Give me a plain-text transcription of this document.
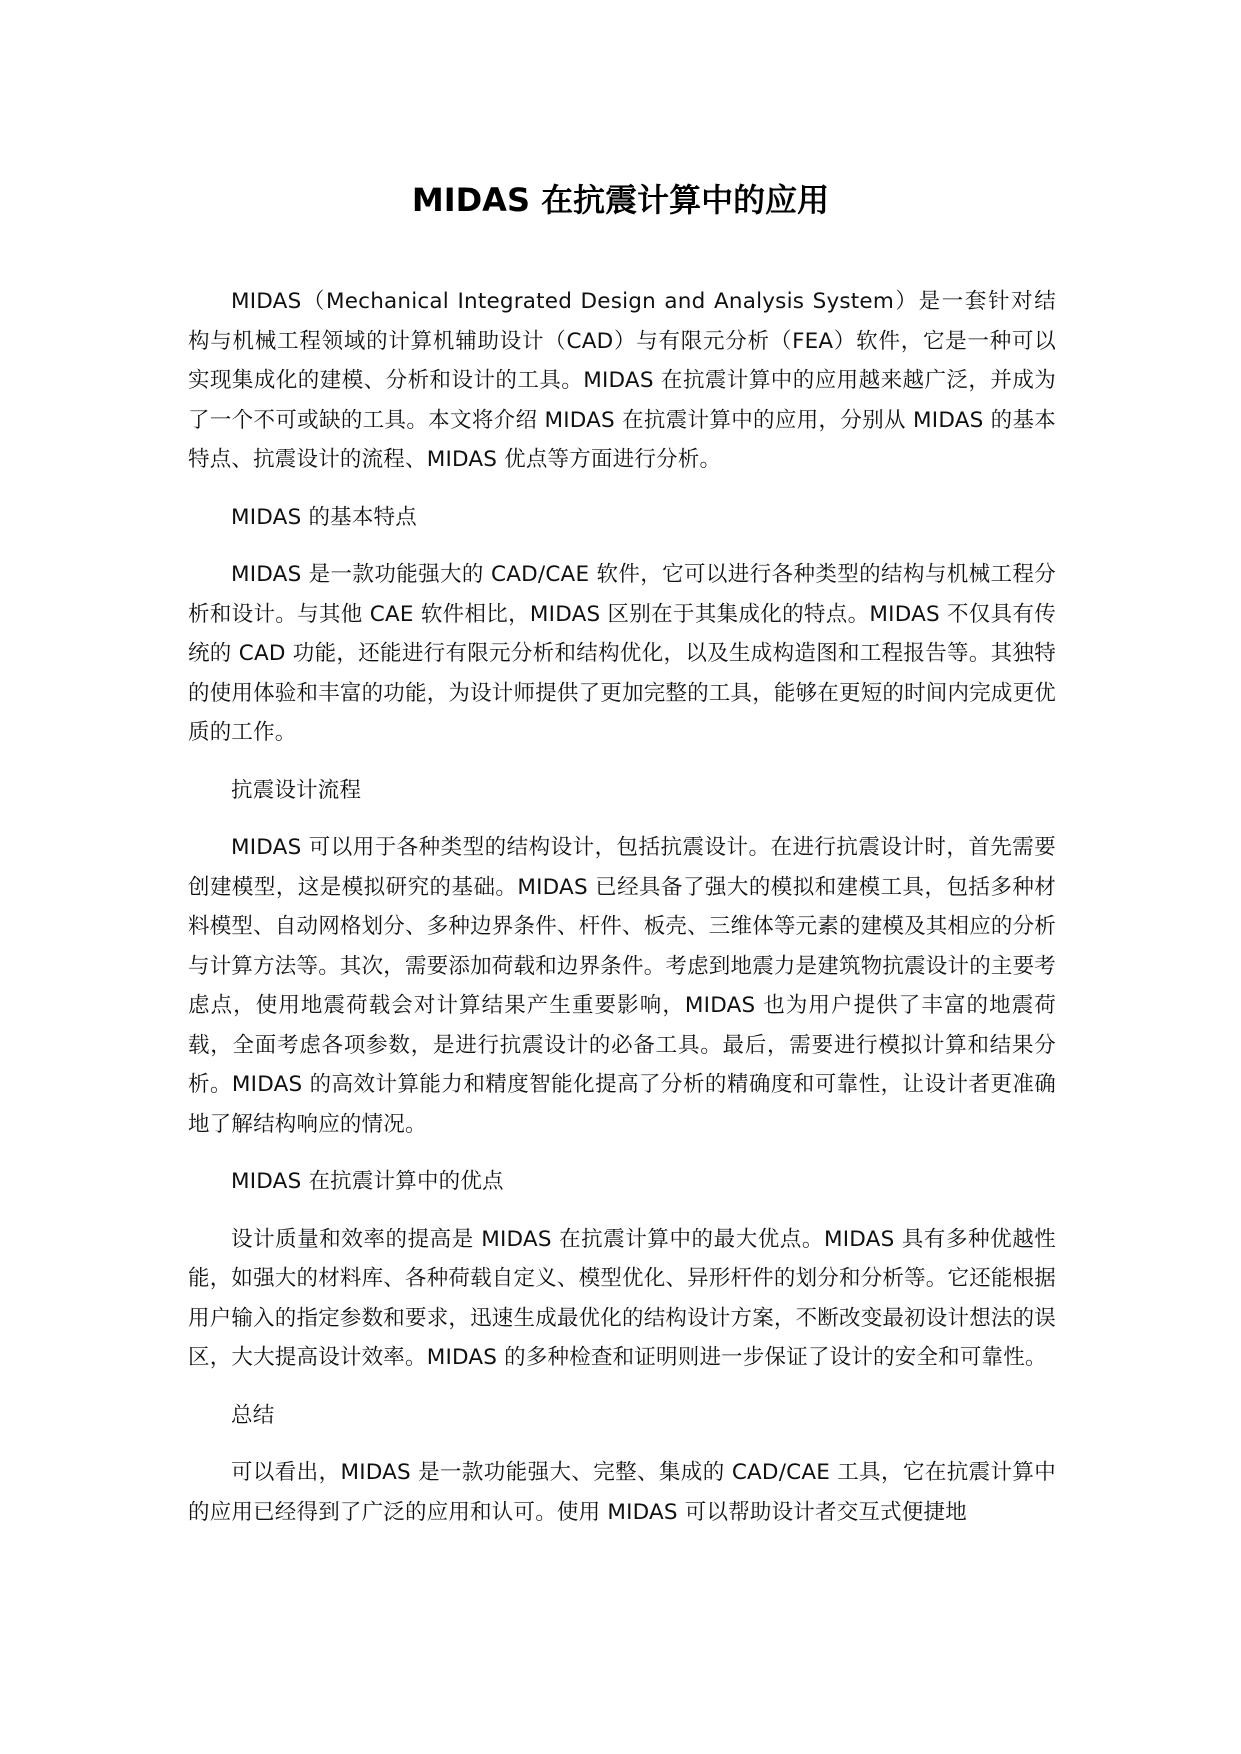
MIDAS 在抗震计算中的应用

MIDAS（Mechanical Integrated Design and Analysis System）是一套针对结构与机械工程领域的计算机辅助设计（CAD）与有限元分析（FEA）软件，它是一种可以实现集成化的建模、分析和设计的工具。MIDAS 在抗震计算中的应用越来越广泛，并成为了一个不可或缺的工具。本文将介绍 MIDAS 在抗震计算中的应用，分别从 MIDAS 的基本特点、抗震设计的流程、MIDAS 优点等方面进行分析。

MIDAS 的基本特点

MIDAS 是一款功能强大的 CAD/CAE 软件，它可以进行各种类型的结构与机械工程分析和设计。与其他 CAE 软件相比，MIDAS 区别在于其集成化的特点。MIDAS 不仅具有传统的 CAD 功能，还能进行有限元分析和结构优化，以及生成构造图和工程报告等。其独特的使用体验和丰富的功能，为设计师提供了更加完整的工具，能够在更短的时间内完成更优质的工作。

抗震设计流程

MIDAS 可以用于各种类型的结构设计，包括抗震设计。在进行抗震设计时，首先需要创建模型，这是模拟研究的基础。MIDAS 已经具备了强大的模拟和建模工具，包括多种材料模型、自动网格划分、多种边界条件、杆件、板壳、三维体等元素的建模及其相应的分析与计算方法等。其次，需要添加荷载和边界条件。考虑到地震力是建筑物抗震设计的主要考虑点，使用地震荷载会对计算结果产生重要影响，MIDAS 也为用户提供了丰富的地震荷载，全面考虑各项参数，是进行抗震设计的必备工具。最后，需要进行模拟计算和结果分析。MIDAS 的高效计算能力和精度智能化提高了分析的精确度和可靠性，让设计者更准确地了解结构响应的情况。

MIDAS 在抗震计算中的优点

设计质量和效率的提高是 MIDAS 在抗震计算中的最大优点。MIDAS 具有多种优越性能，如强大的材料库、各种荷载自定义、模型优化、异形杆件的划分和分析等。它还能根据用户输入的指定参数和要求，迅速生成最优化的结构设计方案，不断改变最初设计想法的误区，大大提高设计效率。MIDAS 的多种检查和证明则进一步保证了设计的安全和可靠性。

总结

可以看出，MIDAS 是一款功能强大、完整、集成的 CAD/CAE 工具，它在抗震计算中的应用已经得到了广泛的应用和认可。使用 MIDAS 可以帮助设计者交互式便捷地
